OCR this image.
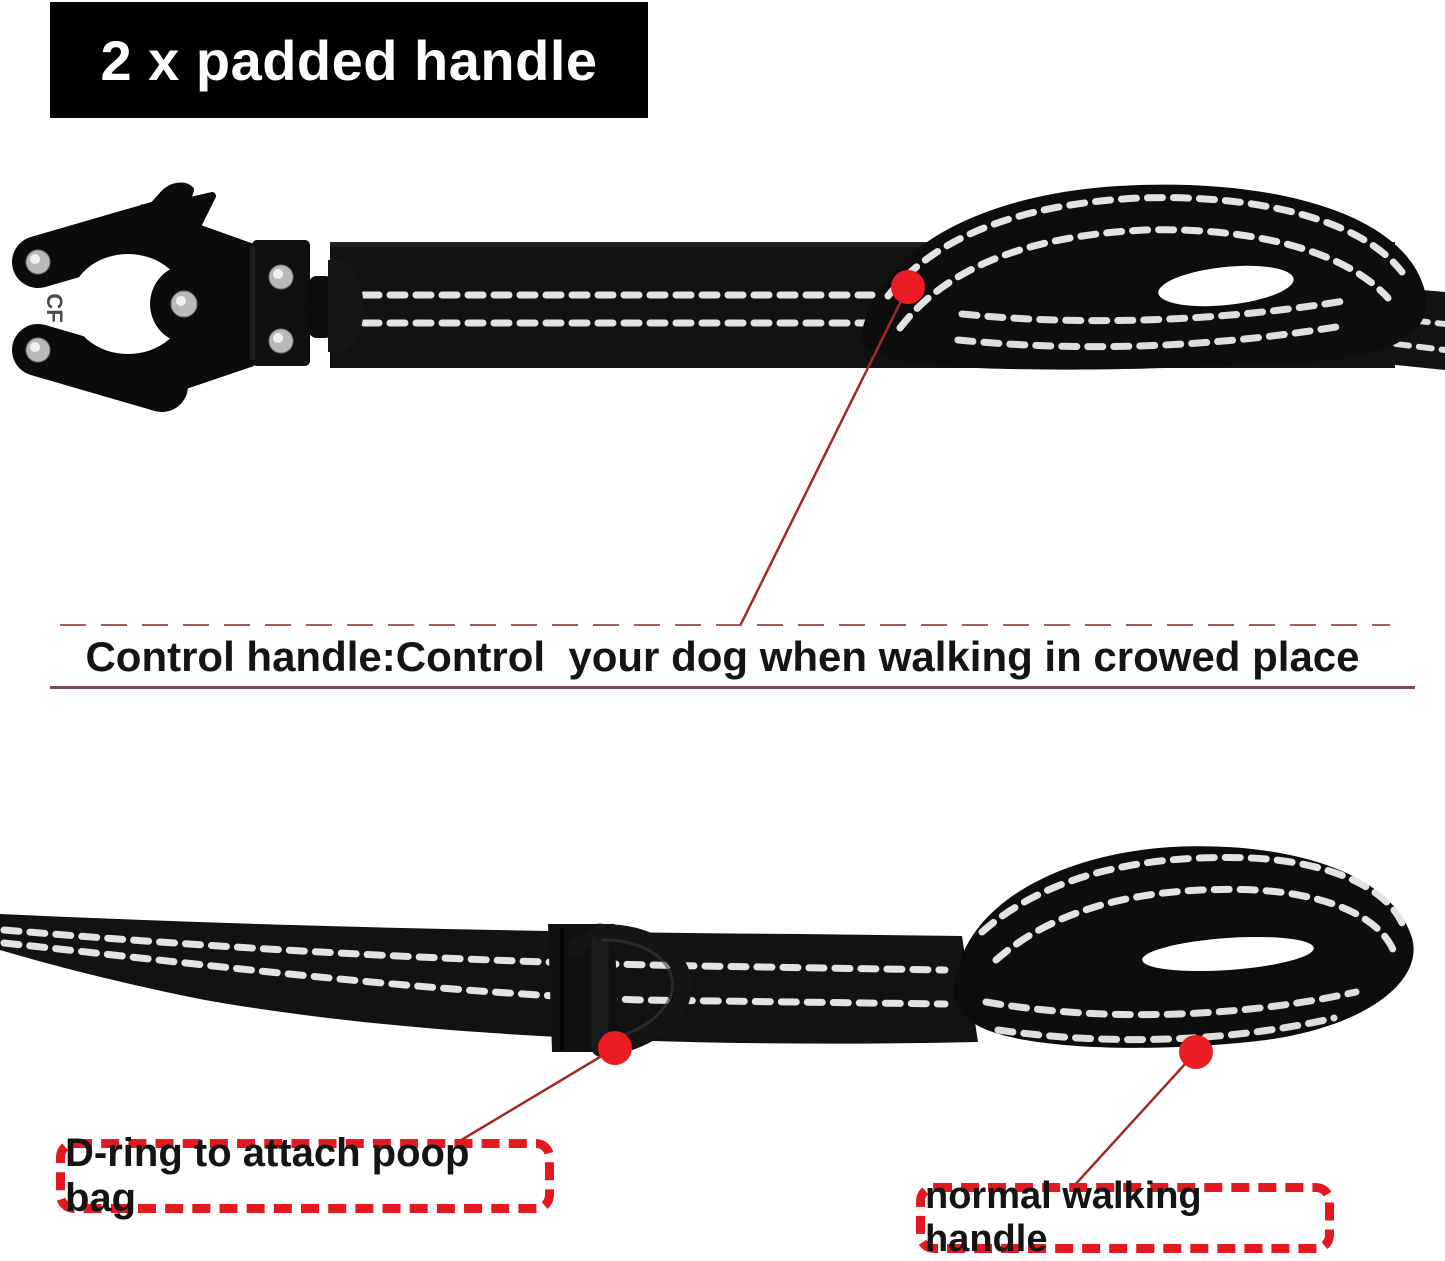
CF
2 x padded handle
Control handle:Control  your dog when walking in crowed place
D-ring to attach poop bag	normal walking handle
